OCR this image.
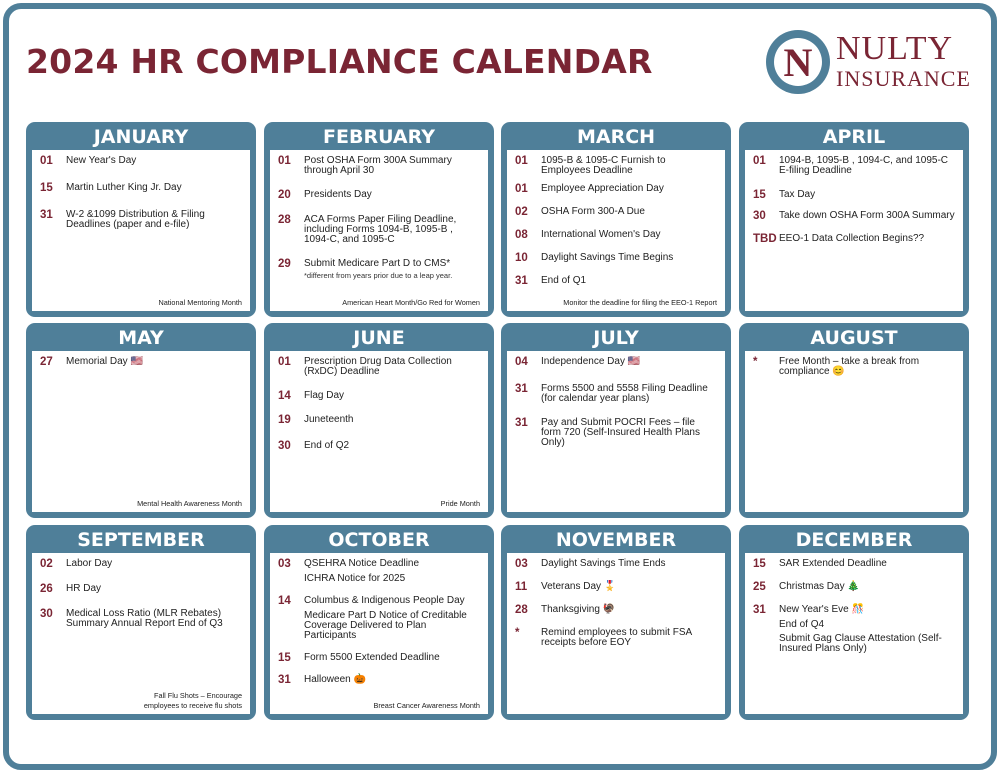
2024 HR COMPLIANCE CALENDAR	N NULTY
INSURANCE
JANUARY
01	New Year's Day
15	Martin Luther King Jr. Day
31	W-2 &1099 Distribution & Filing Deadlines (paper and e-file)
National Mentoring Month
FEBRUARY
01	Post OSHA Form 300A Summary through April 30
20	Presidents Day
28	ACA Forms Paper Filing Deadline, including Forms 1094-B, 1095-B , 1094-C, and 1095-C
29	Submit Medicare Part D to CMS*
*different from years prior due to a leap year.
American Heart Month/Go Red for Women
MARCH
01	1095-B & 1095-C Furnish to Employees Deadline
01	Employee Appreciation Day
02	OSHA Form 300-A Due
08	International Women's Day
10	Daylight Savings Time Begins
31	End of Q1
Monitor the deadline for filing the EEO-1 Report
APRIL
01	1094-B, 1095-B , 1094-C, and 1095-C E-filing Deadline
15	Tax Day
30	Take down OSHA Form 300A Summary
TBD EEO-1 Data Collection Begins??
MAY
27	Memorial Day 🇺🇸
Mental Health Awareness Month
JUNE
01	Prescription Drug Data Collection (RxDC) Deadline
14	Flag Day
19	Juneteenth
30	End of Q2
Pride Month
JULY
04	Independence Day 🇺🇸
31	Forms 5500 and 5558 Filing Deadline (for calendar year plans)
31	Pay and Submit POCRI Fees – file form 720 (Self-Insured Health Plans Only)
AUGUST
*	Free Month – take a break from compliance 😊
SEPTEMBER
02	Labor Day
26	HR Day
30	Medical Loss Ratio (MLR Rebates) Summary Annual Report End of Q3
Fall Flu Shots – Encourage employees to receive flu shots
OCTOBER
03	QSEHRA Notice Deadline
ICHRA Notice for 2025
14	Columbus & Indigenous People Day
Medicare Part D Notice of Creditable Coverage Delivered to Plan Participants
15	Form 5500 Extended Deadline
31	Halloween 🎃
Breast Cancer Awareness Month
NOVEMBER
03	Daylight Savings Time Ends
11	Veterans Day 🎖️
28	Thanksgiving 🦃
*	Remind employees to submit FSA receipts before EOY
DECEMBER
15	SAR Extended Deadline
25	Christmas Day 🎄
31	New Year's Eve 🎊
End of Q4
Submit Gag Clause Attestation (Self-Insured Plans Only)
